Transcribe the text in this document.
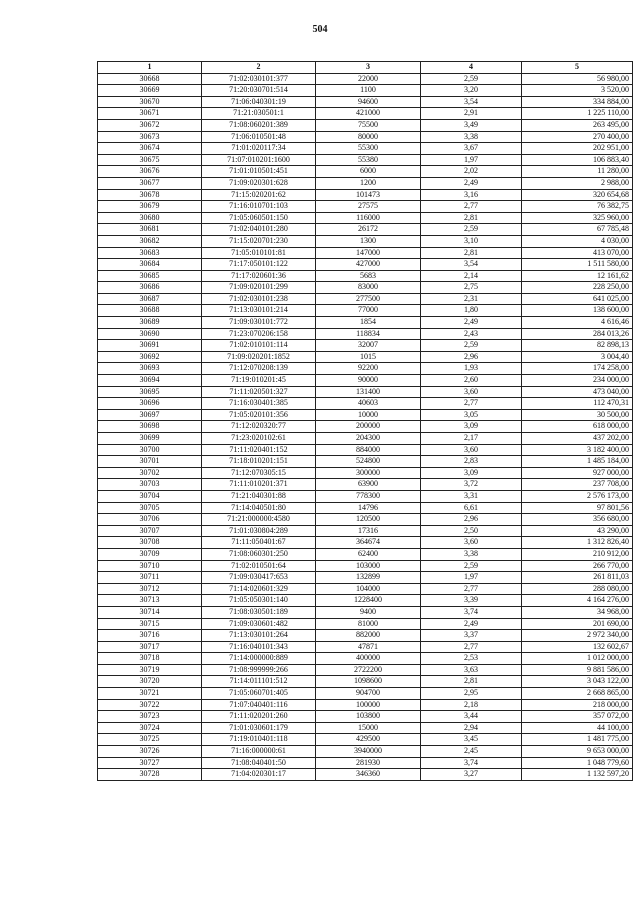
504
1	2	3	4	5
30668	71:02:030101:377	22000	2,59	56 980,00
30669	71:20:030701:514	1100	3,20	3 520,00
30670	71:06:040301:19	94600	3,54	334 884,00
30671	71:21:030501:1	421000	2,91	1 225 110,00
30672	71:08:060201:389	75500	3,49	263 495,00
30673	71:06:010501:48	80000	3,38	270 400,00
30674	71:01:020117:34	55300	3,67	202 951,00
30675	71:07:010201:1600	55380	1,97	106 883,40
30676	71:01:010501:451	6000	2,02	11 280,00
30677	71:09:020301:628	1200	2,49	2 988,00
30678	71:15:020201:62	101473	3,16	320 654,68
30679	71:16:010701:103	27575	2,77	76 382,75
30680	71:05:060501:150	116000	2,81	325 960,00
30681	71:02:040101:280	26172	2,59	67 785,48
30682	71:15:020701:230	1300	3,10	4 030,00
30683	71:05:010101:81	147000	2,81	413 070,00
30684	71:17:050101:122	427000	3,54	1 511 580,00
30685	71:17:020601:36	5683	2,14	12 161,62
30686	71:09:020101:299	83000	2,75	228 250,00
30687	71:02:030101:238	277500	2,31	641 025,00
30688	71:13:030101:214	77000	1,80	138 600,00
30689	71:09:030101:772	1854	2,49	4 616,46
30690	71:23:070206:158	118834	2,43	284 013,26
30691	71:02:010101:114	32007	2,59	82 898,13
30692	71:09:020201:1852	1015	2,96	3 004,40
30693	71:12:070208:139	92200	1,93	174 258,00
30694	71:19:010201:45	90000	2,60	234 000,00
30695	71:11:020501:327	131400	3,60	473 040,00
30696	71:16:030401:385	40603	2,77	112 470,31
30697	71:05:020101:356	10000	3,05	30 500,00
30698	71:12:020320:77	200000	3,09	618 000,00
30699	71:23:020102:61	204300	2,17	437 202,00
30700	71:11:020401:152	884000	3,60	3 182 400,00
30701	71:18:010201:151	524800	2,83	1 485 184,00
30702	71:12:070305:15	300000	3,09	927 000,00
30703	71:11:010201:371	63900	3,72	237 708,00
30704	71:21:040301:88	778300	3,31	2 576 173,00
30705	71:14:040501:80	14796	6,61	97 801,56
30706	71:21:000000:4580	120500	2,96	356 680,00
30707	71:01:030804:289	17316	2,50	43 290,00
30708	71:11:050401:67	364674	3,60	1 312 826,40
30709	71:08:060301:250	62400	3,38	210 912,00
30710	71:02:010501:64	103000	2,59	266 770,00
30711	71:09:030417:653	132899	1,97	261 811,03
30712	71:14:020601:329	104000	2,77	288 080,00
30713	71:05:050301:140	1228400	3,39	4 164 276,00
30714	71:08:030501:189	9400	3,74	34 968,00
30715	71:09:030601:482	81000	2,49	201 690,00
30716	71:13:030101:264	882000	3,37	2 972 340,00
30717	71:16:040101:343	47871	2,77	132 602,67
30718	71:14:000000:889	400000	2,53	1 012 000,00
30719	71:08:999999:266	2722200	3,63	9 881 586,00
30720	71:14:011101:512	1098600	2,81	3 043 122,00
30721	71:05:060701:405	904700	2,95	2 668 865,00
30722	71:07:040401:116	100000	2,18	218 000,00
30723	71:11:020201:260	103800	3,44	357 072,00
30724	71:01:030601:179	15000	2,94	44 100,00
30725	71:19:010401:118	429500	3,45	1 481 775,00
30726	71:16:000000:61	3940000	2,45	9 653 000,00
30727	71:08:040401:50	281930	3,74	1 048 779,60
30728	71:04:020301:17	346360	3,27	1 132 597,20
